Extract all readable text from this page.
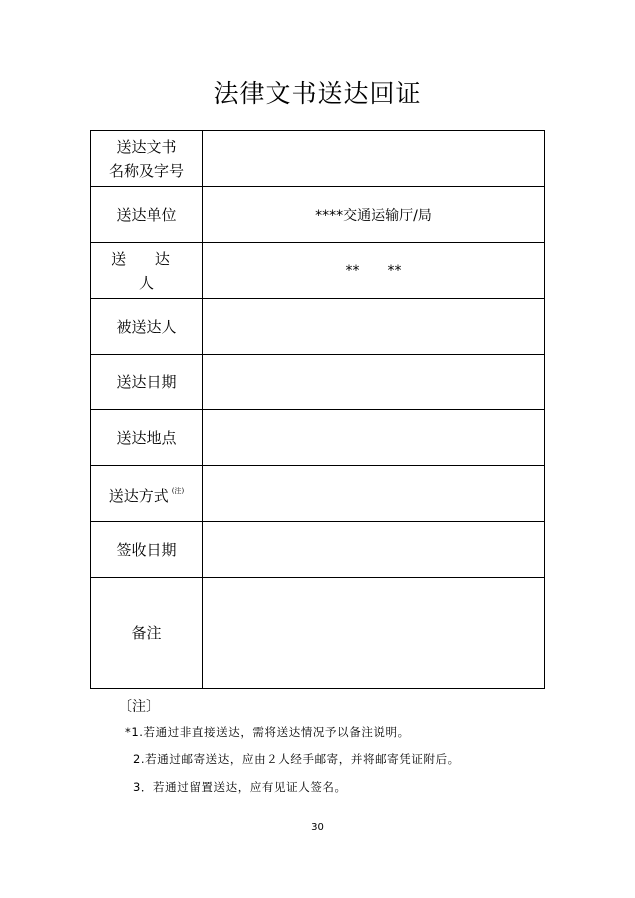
法律文书送达回证
送达文书
名称及字号	

送达单位	****交通运输厅/局
送 达 人	** **
被送达人	
送达日期	
送达地点	
送达方式 $^{(注)}$	
签收日期	
备注	
〔注〕
*1.若通过非直接送达，需将送达情况予以备注说明。
2.若通过邮寄送达，应由２人经手邮寄，并将邮寄凭证附后。
3．若通过留置送达，应有见证人签名。
30
